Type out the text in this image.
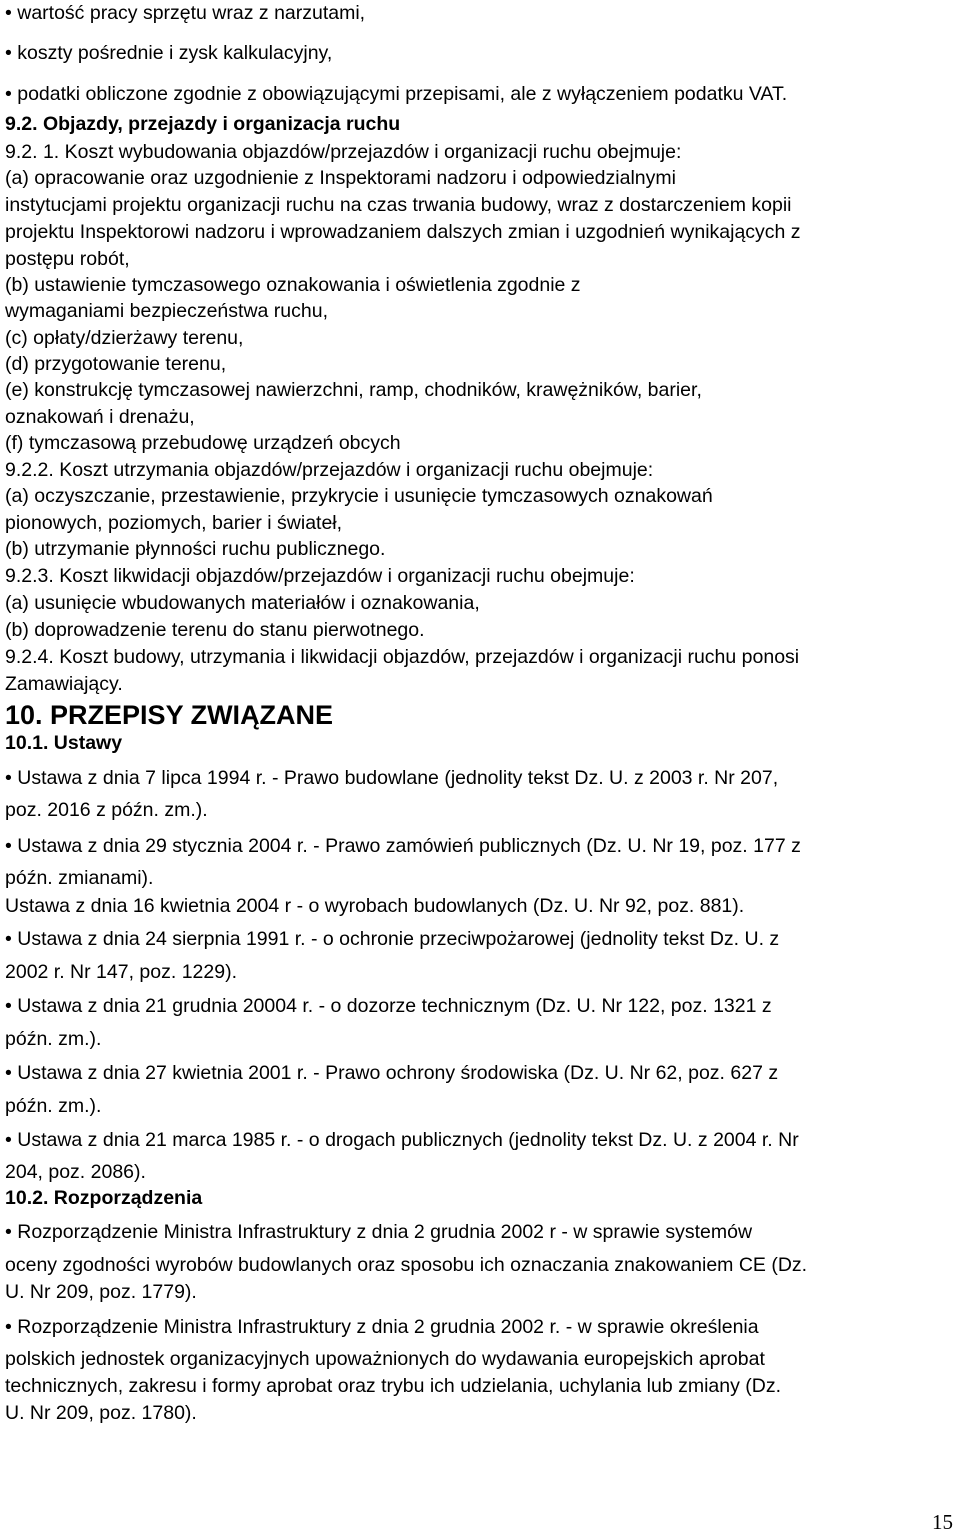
• wartość pracy sprzętu wraz z narzutami,

• koszty pośrednie i zysk kalkulacyjny,

• podatki obliczone zgodnie z obowiązującymi przepisami, ale z wyłączeniem podatku VAT.

9.2. Objazdy, przejazdy i organizacja ruchu

9.2. 1. Koszt wybudowania objazdów/przejazdów i organizacji ruchu obejmuje:

(a) opracowanie oraz uzgodnienie z Inspektorami nadzoru i odpowiedzialnymi

instytucjami projektu organizacji ruchu na czas trwania budowy, wraz z dostarczeniem kopii

projektu Inspektorowi nadzoru i wprowadzaniem dalszych zmian i uzgodnień wynikających z

postępu robót,

(b) ustawienie tymczasowego oznakowania i oświetlenia zgodnie z

wymaganiami bezpieczeństwa ruchu,

(c) opłaty/dzierżawy terenu,

(d) przygotowanie terenu,

(e) konstrukcję tymczasowej nawierzchni, ramp, chodników, krawężników, barier,

oznakowań i drenażu,

(f) tymczasową przebudowę urządzeń obcych

9.2.2. Koszt utrzymania objazdów/przejazdów i organizacji ruchu obejmuje:

(a) oczyszczanie, przestawienie, przykrycie i usunięcie tymczasowych oznakowań

pionowych, poziomych, barier i świateł,

(b) utrzymanie płynności ruchu publicznego.

9.2.3. Koszt likwidacji objazdów/przejazdów i organizacji ruchu obejmuje:

(a) usunięcie wbudowanych materiałów i oznakowania,

(b) doprowadzenie terenu do stanu pierwotnego.

9.2.4. Koszt budowy, utrzymania i likwidacji objazdów, przejazdów i organizacji ruchu ponosi

Zamawiający.

10. PRZEPISY ZWIĄZANE

10.1. Ustawy

• Ustawa z dnia 7 lipca 1994 r. - Prawo budowlane (jednolity tekst Dz. U. z 2003 r. Nr 207,

poz. 2016 z późn. zm.).

• Ustawa z dnia 29 stycznia 2004 r. - Prawo zamówień publicznych (Dz. U. Nr 19, poz. 177 z

późn. zmianami).

Ustawa z dnia 16 kwietnia 2004 r - o wyrobach budowlanych (Dz. U. Nr 92, poz. 881).

• Ustawa z dnia 24 sierpnia 1991 r. - o ochronie przeciwpożarowej (jednolity tekst Dz. U. z

2002 r. Nr 147, poz. 1229).

• Ustawa z dnia 21 grudnia 20004 r. - o dozorze technicznym (Dz. U. Nr 122, poz. 1321 z

późn. zm.).

• Ustawa z dnia 27 kwietnia 2001 r. - Prawo ochrony środowiska (Dz. U. Nr 62, poz. 627 z

późn. zm.).

• Ustawa z dnia 21 marca 1985 r. - o drogach publicznych (jednolity tekst Dz. U. z 2004 r. Nr

204, poz. 2086).

10.2. Rozporządzenia

• Rozporządzenie Ministra Infrastruktury z dnia 2 grudnia 2002 r - w sprawie systemów

oceny zgodności wyrobów budowlanych oraz sposobu ich oznaczania znakowaniem CE (Dz.

U. Nr 209, poz. 1779).

• Rozporządzenie Ministra Infrastruktury z dnia 2 grudnia 2002 r. - w sprawie określenia

polskich jednostek organizacyjnych upoważnionych do wydawania europejskich aprobat

technicznych, zakresu i formy aprobat oraz trybu ich udzielania, uchylania lub zmiany (Dz.

U. Nr 209, poz. 1780).

15
